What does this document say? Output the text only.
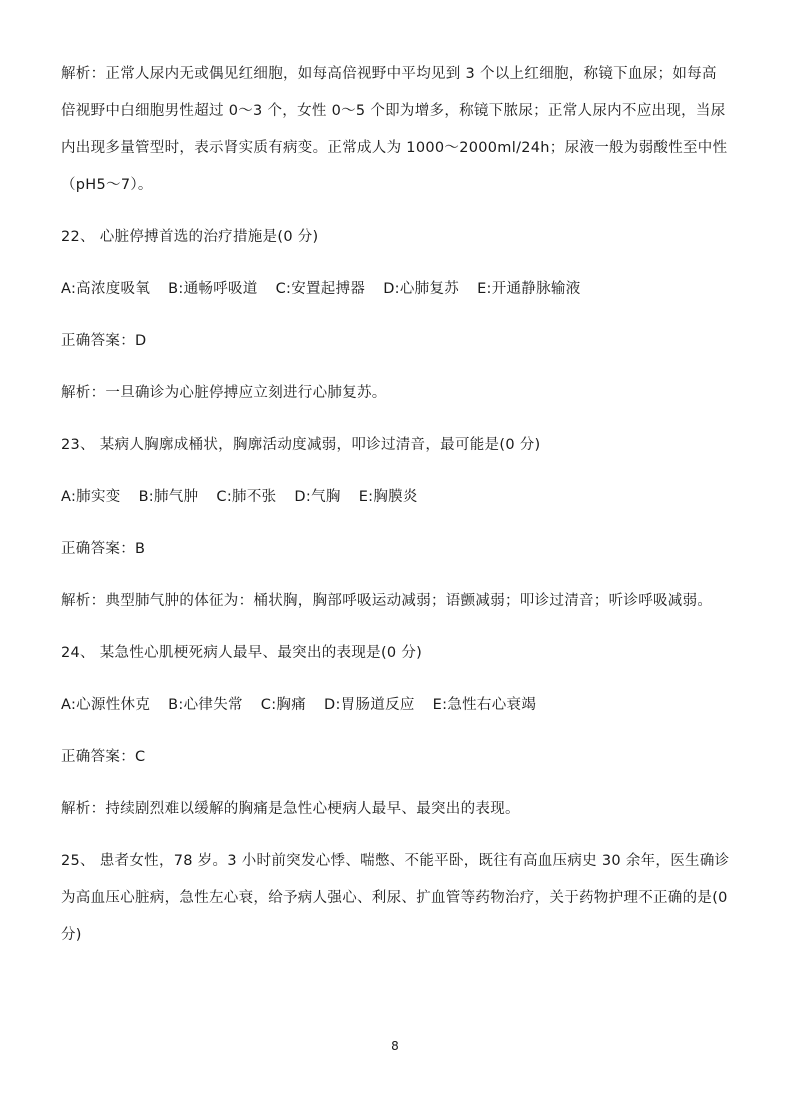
解析：正常人尿内无或偶见红细胞，如每高倍视野中平均见到 3 个以上红细胞，称镜下血尿；如每高倍视野中白细胞男性超过 0～3 个，女性 0～5 个即为增多，称镜下脓尿；正常人尿内不应出现，当尿内出现多量管型时，表示肾实质有病变。正常成人为 1000～2000ml/24h；尿液一般为弱酸性至中性（pH5～7）。

22、 心脏停搏首选的治疗措施是(0 分)

A:高浓度吸氧 B:通畅呼吸道 C:安置起搏器 D:心肺复苏 E:开通静脉输液

正确答案：D

解析：一旦确诊为心脏停搏应立刻进行心肺复苏。

23、 某病人胸廓成桶状，胸廓活动度减弱，叩诊过清音，最可能是(0 分)

A:肺实变 B:肺气肿 C:肺不张 D:气胸 E:胸膜炎

正确答案：B

解析：典型肺气肿的体征为：桶状胸，胸部呼吸运动减弱；语颤减弱；叩诊过清音；听诊呼吸减弱。

24、 某急性心肌梗死病人最早、最突出的表现是(0 分)

A:心源性休克 B:心律失常 C:胸痛 D:胃肠道反应 E:急性右心衰竭

正确答案：C

解析：持续剧烈难以缓解的胸痛是急性心梗病人最早、最突出的表现。

25、 患者女性，78 岁。3 小时前突发心悸、喘憋、不能平卧，既往有高血压病史 30 余年，医生确诊为高血压心脏病，急性左心衰，给予病人强心、利尿、扩血管等药物治疗，关于药物护理不正确的是(0 分)

8
